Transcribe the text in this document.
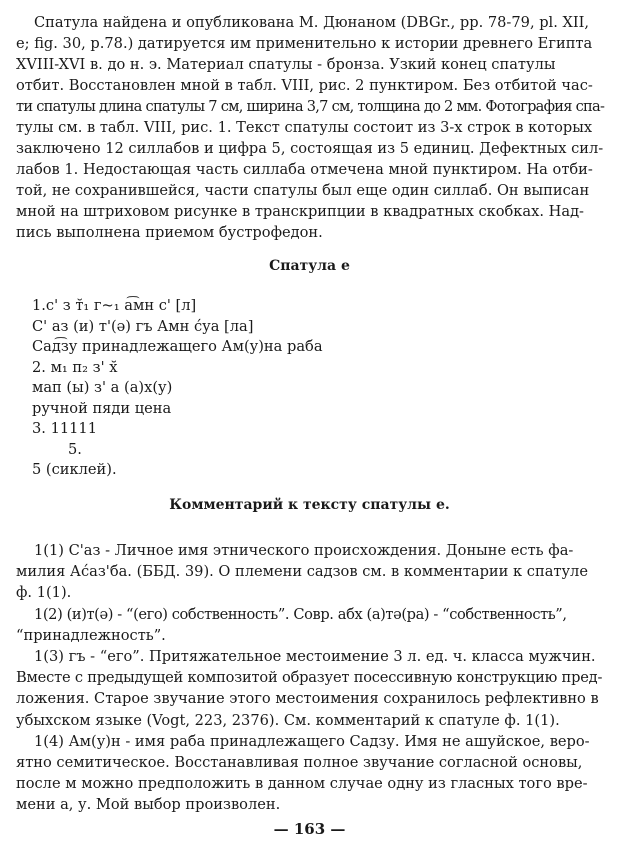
Спатула найдена и опубликована М. Дюнаном (DBGr., pp. 78-79, pl. XII,
e; fig. 30, p.78.) датируется им применительно к истории древнего Египта
XVIII-XVI в. до н. э. Материал спатулы - бронза. Узкий конец спатулы
отбит. Восстановлен мной в табл. VIII, рис. 2 пунктиром. Без отбитой час-
ти спатулы длина спатулы 7 см, ширина 3,7 см, толщина до 2 мм. Фотография спа-
тулы см. в табл. VIII, рис. 1. Текст спатулы состоит из 3-х строк в которых
заключено 12 силлабов и цифра 5, состоящая из 5 единиц. Дефектных сил-
лабов 1. Недостающая часть силлаба отмечена мной пунктиром. На отби-
той, не сохранившейся, части спатулы был еще один силлаб. Он выписан
мной на штриховом рисунке в транскрипции в квадратных скобках. Над-
пись выполнена приемом бустрофедон.
Спатула е
1.с' з т̆₁ г~₁ а͡мн с' [л]
С' аз (и) т'(ә) гъ Амн ćуа [ла]
Сад͡зу принадлежащего Ам(у)на раба
2. м₁ п₂ з' х̆
мап (ы) з' а (а)х(у)
ручной пяди цена
3. 11111
5.
5 (сиклей).
Комментарий к тексту спатулы е.
1(1) С'аз - Личное имя этнического происхождения. Доныне есть фа-
милия Аćаз'ба. (ББД. 39). О племени садзов см. в комментарии к спатуле
ф. 1(1).
1(2) (и)т(ә) - “(его) собственность”. Совр. абх (а)тә(ра) - “собственность”,
“принадлежность”.
1(3) гъ - “его”. Притяжательное местоимение 3 л. ед. ч. класса мужчин.
Вместе с предыдущей композитой образует посессивную конструкцию пред-
ложения. Старое звучание этого местоимения сохранилось рефлективно в
убыхском языке (Vogt, 223, 2376). См. комментарий к спатуле ф. 1(1).
1(4) Ам(у)н - имя раба принадлежащего Садзу. Имя не ашуйское, веро-
ятно семитическое. Восстанавливая полное звучание согласной основы,
после м можно предположить в данном случае одну из гласных того вре-
мени а, у. Мой выбор произволен.
— 163 —
